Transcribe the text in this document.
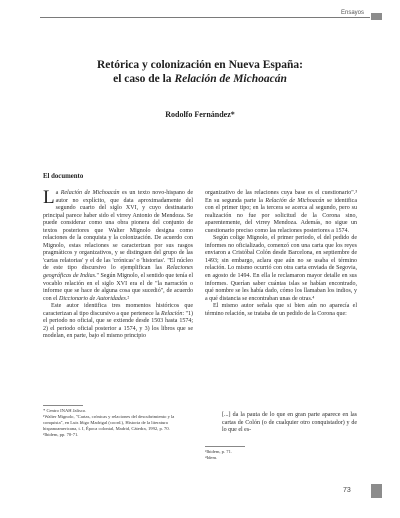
Ensayos
Retórica y colonización en Nueva España:
el caso de la Relación de Michoacán
Rodolfo Fernández*
El documento

La Relación de Michoacán es un texto novo-hispano de autor no explícito, que data aproximadamente del segundo cuarto del siglo XVI, y cuyo destinatario principal parece haber sido el virrey Antonio de Mendoza. Se puede considerar como una obra pionera del conjunto de textos posteriores que Walter Mignolo designa como relaciones de la conquista y la colonización. De acuerdo con Mignolo, estas relaciones se caracterizan por sus rasgos pragmáticos y organizativos, y se distinguen del grupo de las 'cartas relatorias' y el de las 'crónicas' o 'historias'. "El núcleo de este tipo discursivo lo ejemplifican las Relaciones geográficas de Indias." Según Mignolo, el sentido que tenía el vocablo relación en el siglo XVI era el de "la narración o informe que se hace de alguna cosa que sucedió", de acuerdo con el Diccionario de Autoridades.²

Este autor identifica tres momentos históricos que caracterizan al tipo discursivo a que pertenece la Relación: "1) el periodo no oficial, que se extiende desde 1503 hasta 1574; 2) el periodo oficial posterior a 1574, y 3) los libros que se modelan, en parte, bajo el mismo principio

organizativo de las relaciones cuya base es el cuestionario".³ En su segunda parte la Relación de Michoacán se identifica con el primer tipo; en la tercera se acerca al segundo, pero su realización no fue por solicitud de la Corona sino, aparentemente, del virrey Mendoza. Además, no sigue un cuestionario preciso como las relaciones posteriores a 1574.

Según colige Mignolo, el primer periodo, el del pedido de informes no oficializado, comenzó con una carta que los reyes enviaron a Cristóbal Colón desde Barcelona, en septiembre de 1493; sin embargo, aclara que aún no se usaba el término relación. Lo mismo ocurrió con otra carta enviada de Segovia, en agosto de 1494. En ella le reclamaron mayor detalle en sus informes. Querían saber cuántas islas se habían encontrado, qué nombre se les había dado, cómo los llamaban los indios, y a qué distancia se encontraban unas de otras.⁴

El mismo autor señala que si bien aún no aparecía el término relación, se trataba de un pedido de la Corona que:

[...] da la pauta de lo que en gran parte aparece en las cartas de Colón (o de cualquier otro conquistador) y de lo que el es-
* Centro INAH Jalisco.
¹Walter Mignolo, "Cartas, crónicas y relaciones del descubrimiento y la conquista", en Luis Iñigo Madrigal (coord.), Historia de la literatura hispanoamericana, t. I, Época colonial, Madrid, Cátedra, 1992, p. 70.
²Ibidem, pp. 70-71.
³Ibidem, p. 71.
⁴Idem.
73
